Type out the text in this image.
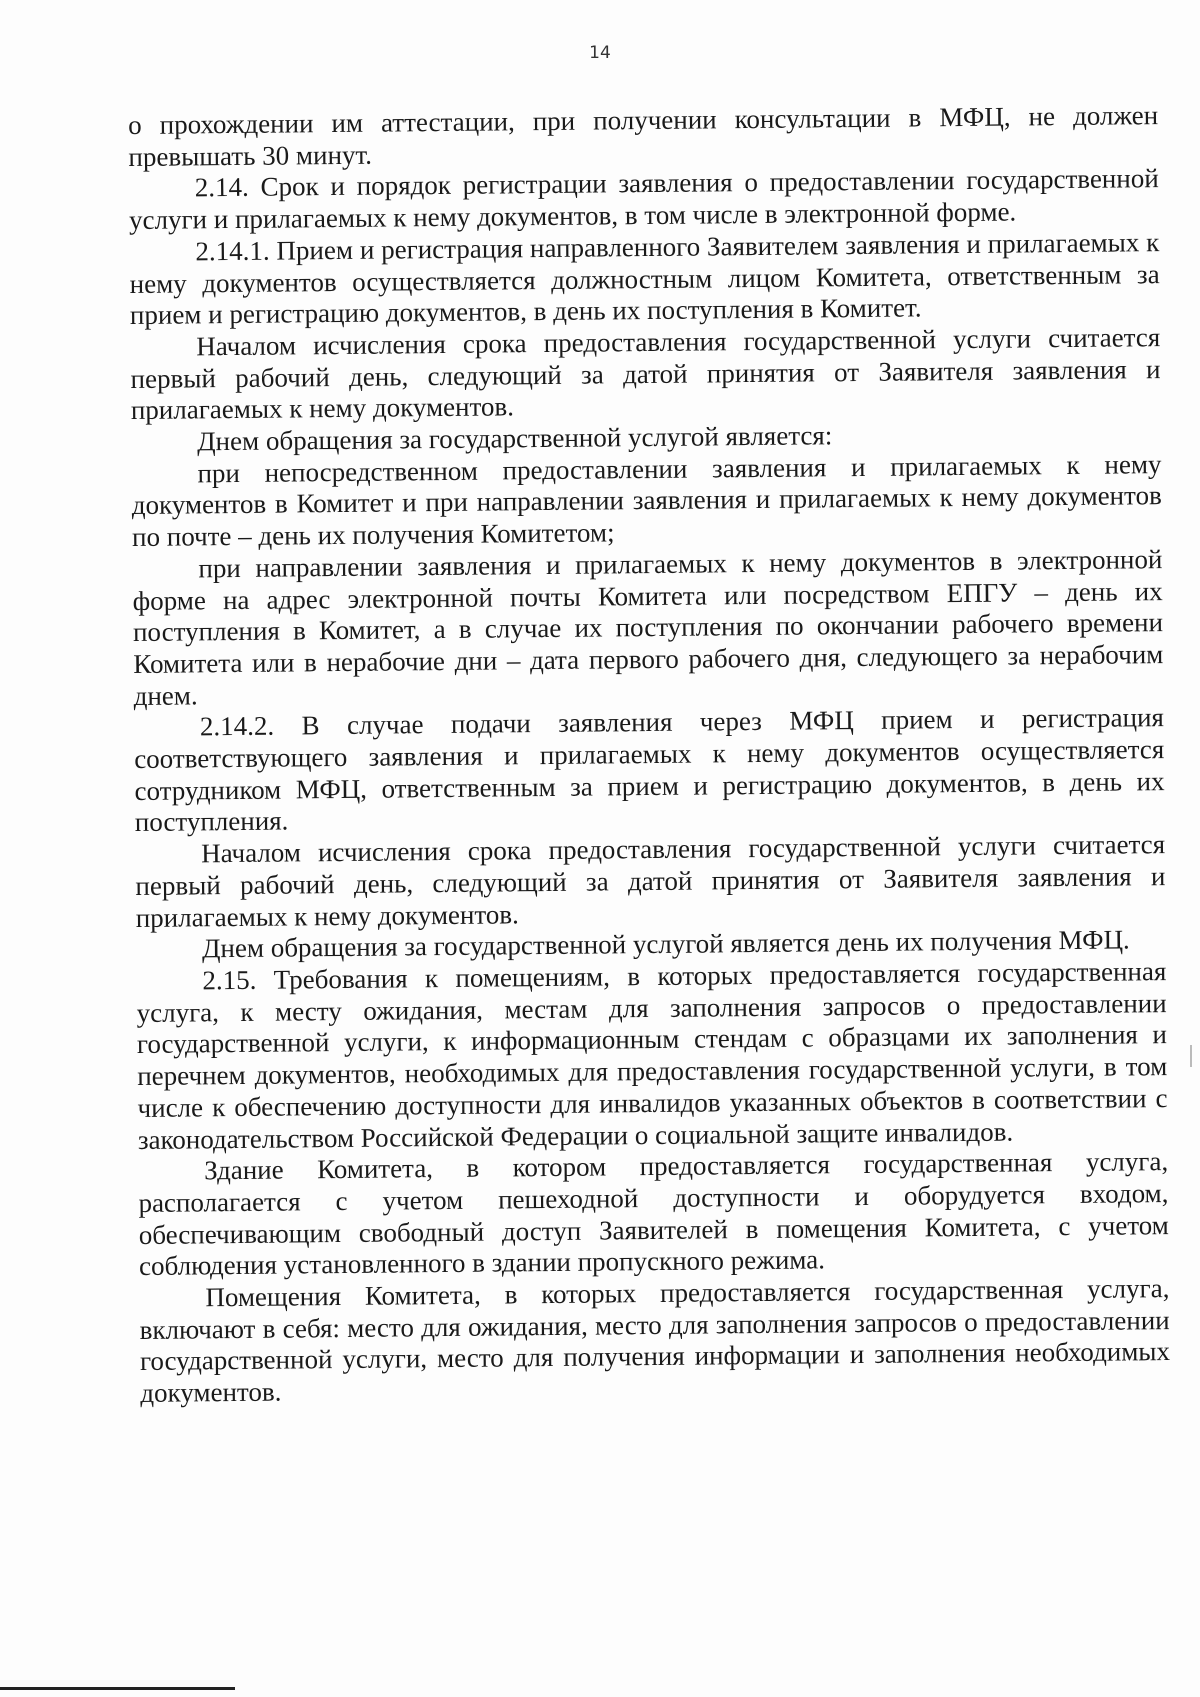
14

о прохождении им аттестации, при получении консультации в МФЦ, не должен превышать 30 минут.

2.14. Срок и порядок регистрации заявления о предоставлении государственной услуги и прилагаемых к нему документов, в том числе в электронной форме.

2.14.1. Прием и регистрация направленного Заявителем заявления и прилагаемых к нему документов осуществляется должностным лицом Комитета, ответственным за прием и регистрацию документов, в день их поступления в Комитет.

Началом исчисления срока предоставления государственной услуги считается первый рабочий день, следующий за датой принятия от Заявителя заявления и прилагаемых к нему документов.

Днем обращения за государственной услугой является:

при непосредственном предоставлении заявления и прилагаемых к нему документов в Комитет и при направлении заявления и прилагаемых к нему документов по почте – день их получения Комитетом;

при направлении заявления и прилагаемых к нему документов в электронной форме на адрес электронной почты Комитета или посредством ЕПГУ – день их поступления в Комитет, а в случае их поступления по окончании рабочего времени Комитета или в нерабочие дни – дата первого рабочего дня, следующего за нерабочим днем.

2.14.2. В случае подачи заявления через МФЦ прием и регистрация соответствующего заявления и прилагаемых к нему документов осуществляется сотрудником МФЦ, ответственным за прием и регистрацию документов, в день их поступления.

Началом исчисления срока предоставления государственной услуги считается первый рабочий день, следующий за датой принятия от Заявителя заявления и прилагаемых к нему документов.

Днем обращения за государственной услугой является день их получения МФЦ.

2.15. Требования к помещениям, в которых предоставляется государственная услуга, к месту ожидания, местам для заполнения запросов о предоставлении государственной услуги, к информационным стендам с образцами их заполнения и перечнем документов, необходимых для предоставления государственной услуги, в том числе к обеспечению доступности для инвалидов указанных объектов в соответствии с законодательством Российской Федерации о социальной защите инвалидов.

Здание Комитета, в котором предоставляется государственная услуга, располагается с учетом пешеходной доступности и оборудуется входом, обеспечивающим свободный доступ Заявителей в помещения Комитета, с учетом соблюдения установленного в здании пропускного режима.

Помещения Комитета, в которых предоставляется государственная услуга, включают в себя: место для ожидания, место для заполнения запросов о предоставлении государственной услуги, место для получения информации и заполнения необходимых документов.
